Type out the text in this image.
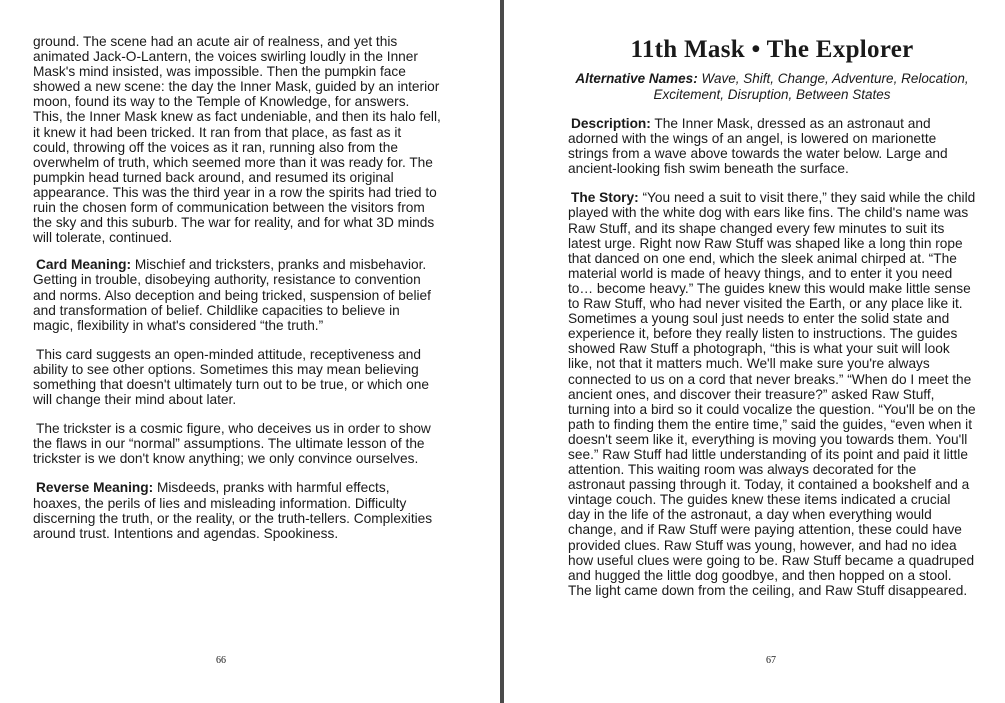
ground. The scene had an acute air of realness, and yet this animated Jack-O-Lantern, the voices swirling loudly in the Inner Mask's mind insisted, was impossible. Then the pumpkin face showed a new scene: the day the Inner Mask, guided by an interior moon, found its way to the Temple of Knowledge, for answers. This, the Inner Mask knew as fact undeniable, and then its halo fell, it knew it had been tricked. It ran from that place, as fast as it could, throwing off the voices as it ran, running also from the overwhelm of truth, which seemed more than it was ready for. The pumpkin head turned back around, and resumed its original appearance. This was the third year in a row the spirits had tried to ruin the chosen form of communication between the visitors from the sky and this suburb. The war for reality, and for what 3D minds will tolerate, continued.

Card Meaning: Mischief and tricksters, pranks and misbehavior. Getting in trouble, disobeying authority, resistance to convention and norms. Also deception and being tricked, suspension of belief and transformation of belief. Childlike capacities to believe in magic, flexibility in what's considered “the truth.”

This card suggests an open-minded attitude, receptiveness and ability to see other options. Sometimes this may mean believing something that doesn't ultimately turn out to be true, or which one will change their mind about later.

The trickster is a cosmic figure, who deceives us in order to show the flaws in our “normal” assumptions. The ultimate lesson of the trickster is we don't know anything; we only convince ourselves.

Reverse Meaning: Misdeeds, pranks with harmful effects, hoaxes, the perils of lies and misleading information. Difficulty discerning the truth, or the reality, or the truth-tellers. Complexities around trust. Intentions and agendas. Spookiness.

66
11th Mask • The Explorer
Alternative Names: Wave, Shift, Change, Adventure, Relocation, Excitement, Disruption, Between States

Description: The Inner Mask, dressed as an astronaut and adorned with the wings of an angel, is lowered on marionette strings from a wave above towards the water below. Large and ancient-looking fish swim beneath the surface.

The Story: “You need a suit to visit there,” they said while the child played with the white dog with ears like fins. The child's name was Raw Stuff, and its shape changed every few minutes to suit its latest urge. Right now Raw Stuff was shaped like a long thin rope that danced on one end, which the sleek animal chirped at. “The material world is made of heavy things, and to enter it you need to… become heavy.” The guides knew this would make little sense to Raw Stuff, who had never visited the Earth, or any place like it. Sometimes a young soul just needs to enter the solid state and experience it, before they really listen to instructions. The guides showed Raw Stuff a photograph, “this is what your suit will look like, not that it matters much. We'll make sure you're always connected to us on a cord that never breaks.” “When do I meet the ancient ones, and discover their treasure?” asked Raw Stuff, turning into a bird so it could vocalize the question. “You'll be on the path to finding them the entire time,” said the guides, “even when it doesn't seem like it, everything is moving you towards them. You'll see.” Raw Stuff had little understanding of its point and paid it little attention. This waiting room was always decorated for the astronaut passing through it. Today, it contained a bookshelf and a vintage couch. The guides knew these items indicated a crucial day in the life of the astronaut, a day when everything would change, and if Raw Stuff were paying attention, these could have provided clues. Raw Stuff was young, however, and had no idea how useful clues were going to be. Raw Stuff became a quadruped and hugged the little dog goodbye, and then hopped on a stool. The light came down from the ceiling, and Raw Stuff disappeared.

67
